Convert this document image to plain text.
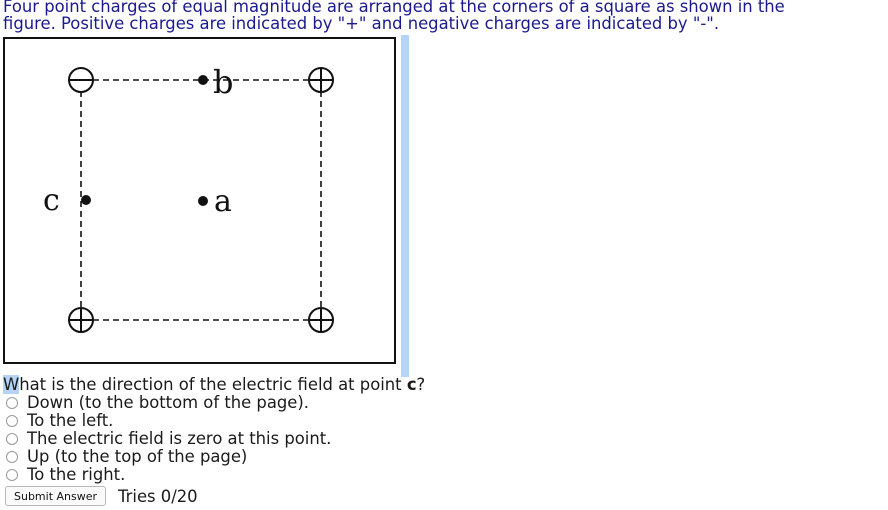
Four point charges of equal magnitude are arranged at the corners of a square as shown in the
figure. Positive charges are indicated by "+" and negative charges are indicated by "-".
b
a
c
What is the direction of the electric field at point c?
Down (to the bottom of the page).
To the left.
The electric field is zero at this point.
Up (to the top of the page)
To the right.
Submit Answer	Tries 0/20
